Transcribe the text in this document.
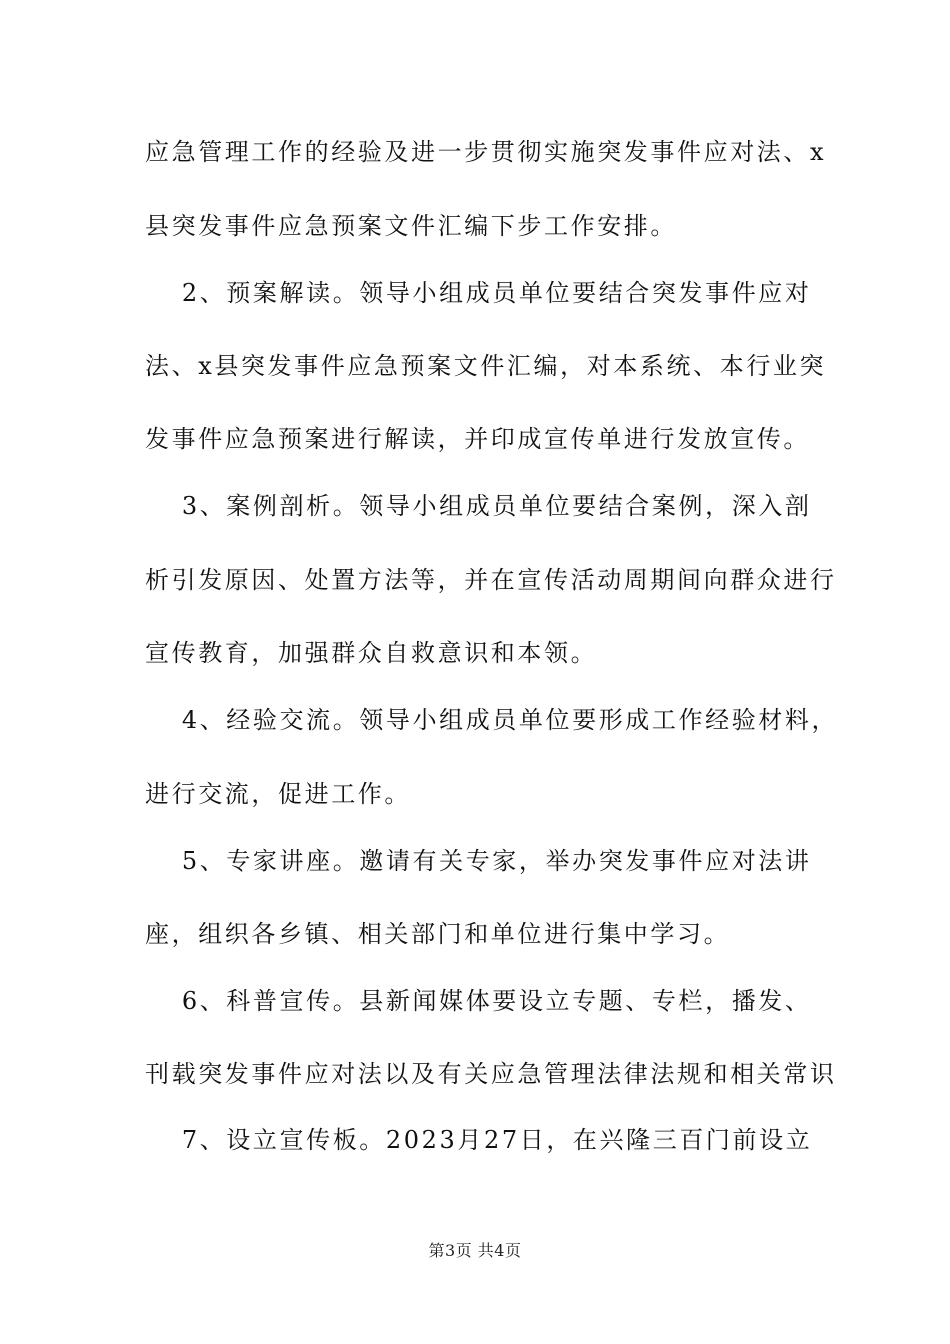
应急管理工作的经验及进一步贯彻实施突发事件应对法、x
县突发事件应急预案文件汇编下步工作安排。
　 2、预案解读。领导小组成员单位要结合突发事件应对
法、x县突发事件应急预案文件汇编，对本系统、本行业突
发事件应急预案进行解读，并印成宣传单进行发放宣传。
　 3、案例剖析。领导小组成员单位要结合案例，深入剖
析引发原因、处置方法等，并在宣传活动周期间向群众进行
宣传教育，加强群众自救意识和本领。
　 4、经验交流。领导小组成员单位要形成工作经验材料，
进行交流，促进工作。
　 5、专家讲座。邀请有关专家，举办突发事件应对法讲
座，组织各乡镇、相关部门和单位进行集中学习。
　 6、科普宣传。县新闻媒体要设立专题、专栏，播发、
刊载突发事件应对法以及有关应急管理法律法规和相关常识
　 7、设立宣传板。2023月27日，在兴隆三百门前设立
第3页 共4页
